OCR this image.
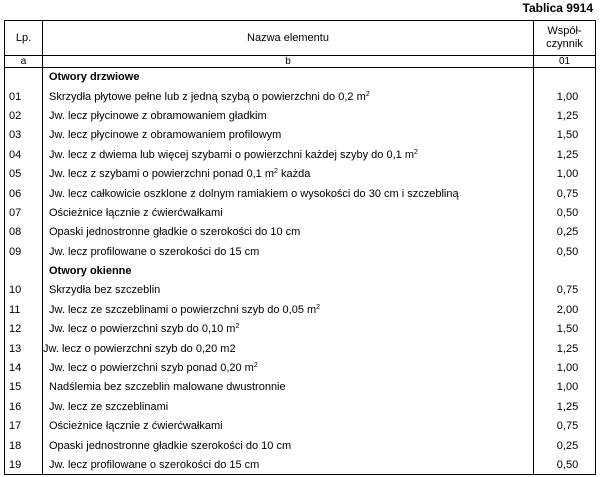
Tablica 9914
Lp.	Nazwa elementu	Współ-
czynnik
a	b	01
	Otwory drzwiowe	
01	Skrzydła płytowe pełne lub z jedną szybą o powierzchni do 0,2 $m^2$	1,00
02	Jw. lecz płycinowe z obramowaniem gładkim	1,25
03	Jw. lecz płycinowe z obramowaniem profilowym	1,50
04	Jw. lecz z dwiema lub więcej szybami o powierzchni każdej szyby do 0,1 $m^2$	1,25
05	Jw. lecz z szybami o powierzchni ponad 0,1 $m^2$ każda	1,00
06	Jw. lecz całkowicie oszklone z dolnym ramiakiem o wysokości do 30 cm i szczebliną	0,75
07	Ościeżnice łącznie z ćwierćwałkami	0,50
08	Opaski jednostronne gładkie o szerokości do 10 cm	0,25
09	Jw. lecz profilowane o szerokości do 15 cm	0,50
	Otwory okienne	
10	Skrzydła bez szczeblin	0,75
11	Jw. lecz ze szczeblinami o powierzchni szyb do 0,05 $m^2$	2,00
12	Jw. lecz o powierzchni szyb do 0,10 $m^2$	1,50
13	Jw. lecz o powierzchni szyb do 0,20 m2	1,25
14	Jw. lecz o powierzchni szyb ponad 0,20 $m^2$	1,00
15	Nadślemia bez szczeblin malowane dwustronnie	1,00
16	Jw. lecz ze szczeblinami	1,25
17	Ościeżnice łącznie z ćwierćwałkami	0,75
18	Opaski jednostronne gładkie szerokości do 10 cm	0,25
19	Jw. lecz profilowane o szerokości do 15 cm	0,50
